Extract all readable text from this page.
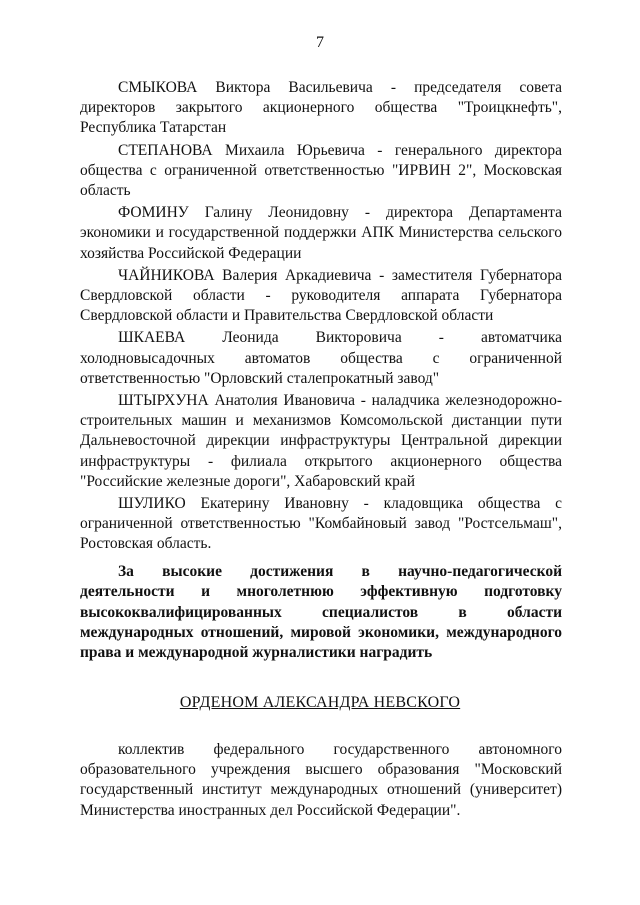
7

СМЫКОВА Виктора Васильевича - председателя совета директоров закрытого акционерного общества "Троицкнефть", Республика Татарстан

СТЕПАНОВА Михаила Юрьевича - генерального директора общества с ограниченной ответственностью "ИРВИН 2", Московская область

ФОМИНУ Галину Леонидовну - директора Департамента экономики и государственной поддержки АПК Министерства сельского хозяйства Российской Федерации

ЧАЙНИКОВА Валерия Аркадиевича - заместителя Губернатора Свердловской области - руководителя аппарата Губернатора Свердловской области и Правительства Свердловской области

ШКАЕВА Леонида Викторовича - автоматчика холодновысадочных автоматов общества с ограниченной ответственностью "Орловский сталепрокатный завод"

ШТЫРХУНА Анатолия Ивановича - наладчика железнодорожно-строительных машин и механизмов Комсомольской дистанции пути Дальневосточной дирекции инфраструктуры Центральной дирекции инфраструктуры - филиала открытого акционерного общества "Российские железные дороги", Хабаровский край

ШУЛИКО Екатерину Ивановну - кладовщика общества с ограниченной ответственностью "Комбайновый завод "Ростсельмаш", Ростовская область.

За высокие достижения в научно-педагогической деятельности и многолетнюю эффективную подготовку высококвалифицированных специалистов в области международных отношений, мировой экономики, международного права и международной журналистики наградить

ОРДЕНОМ АЛЕКСАНДРА НЕВСКОГО

коллектив федерального государственного автономного образовательного учреждения высшего образования "Московский государственный институт международных отношений (университет) Министерства иностранных дел Российской Федерации".
